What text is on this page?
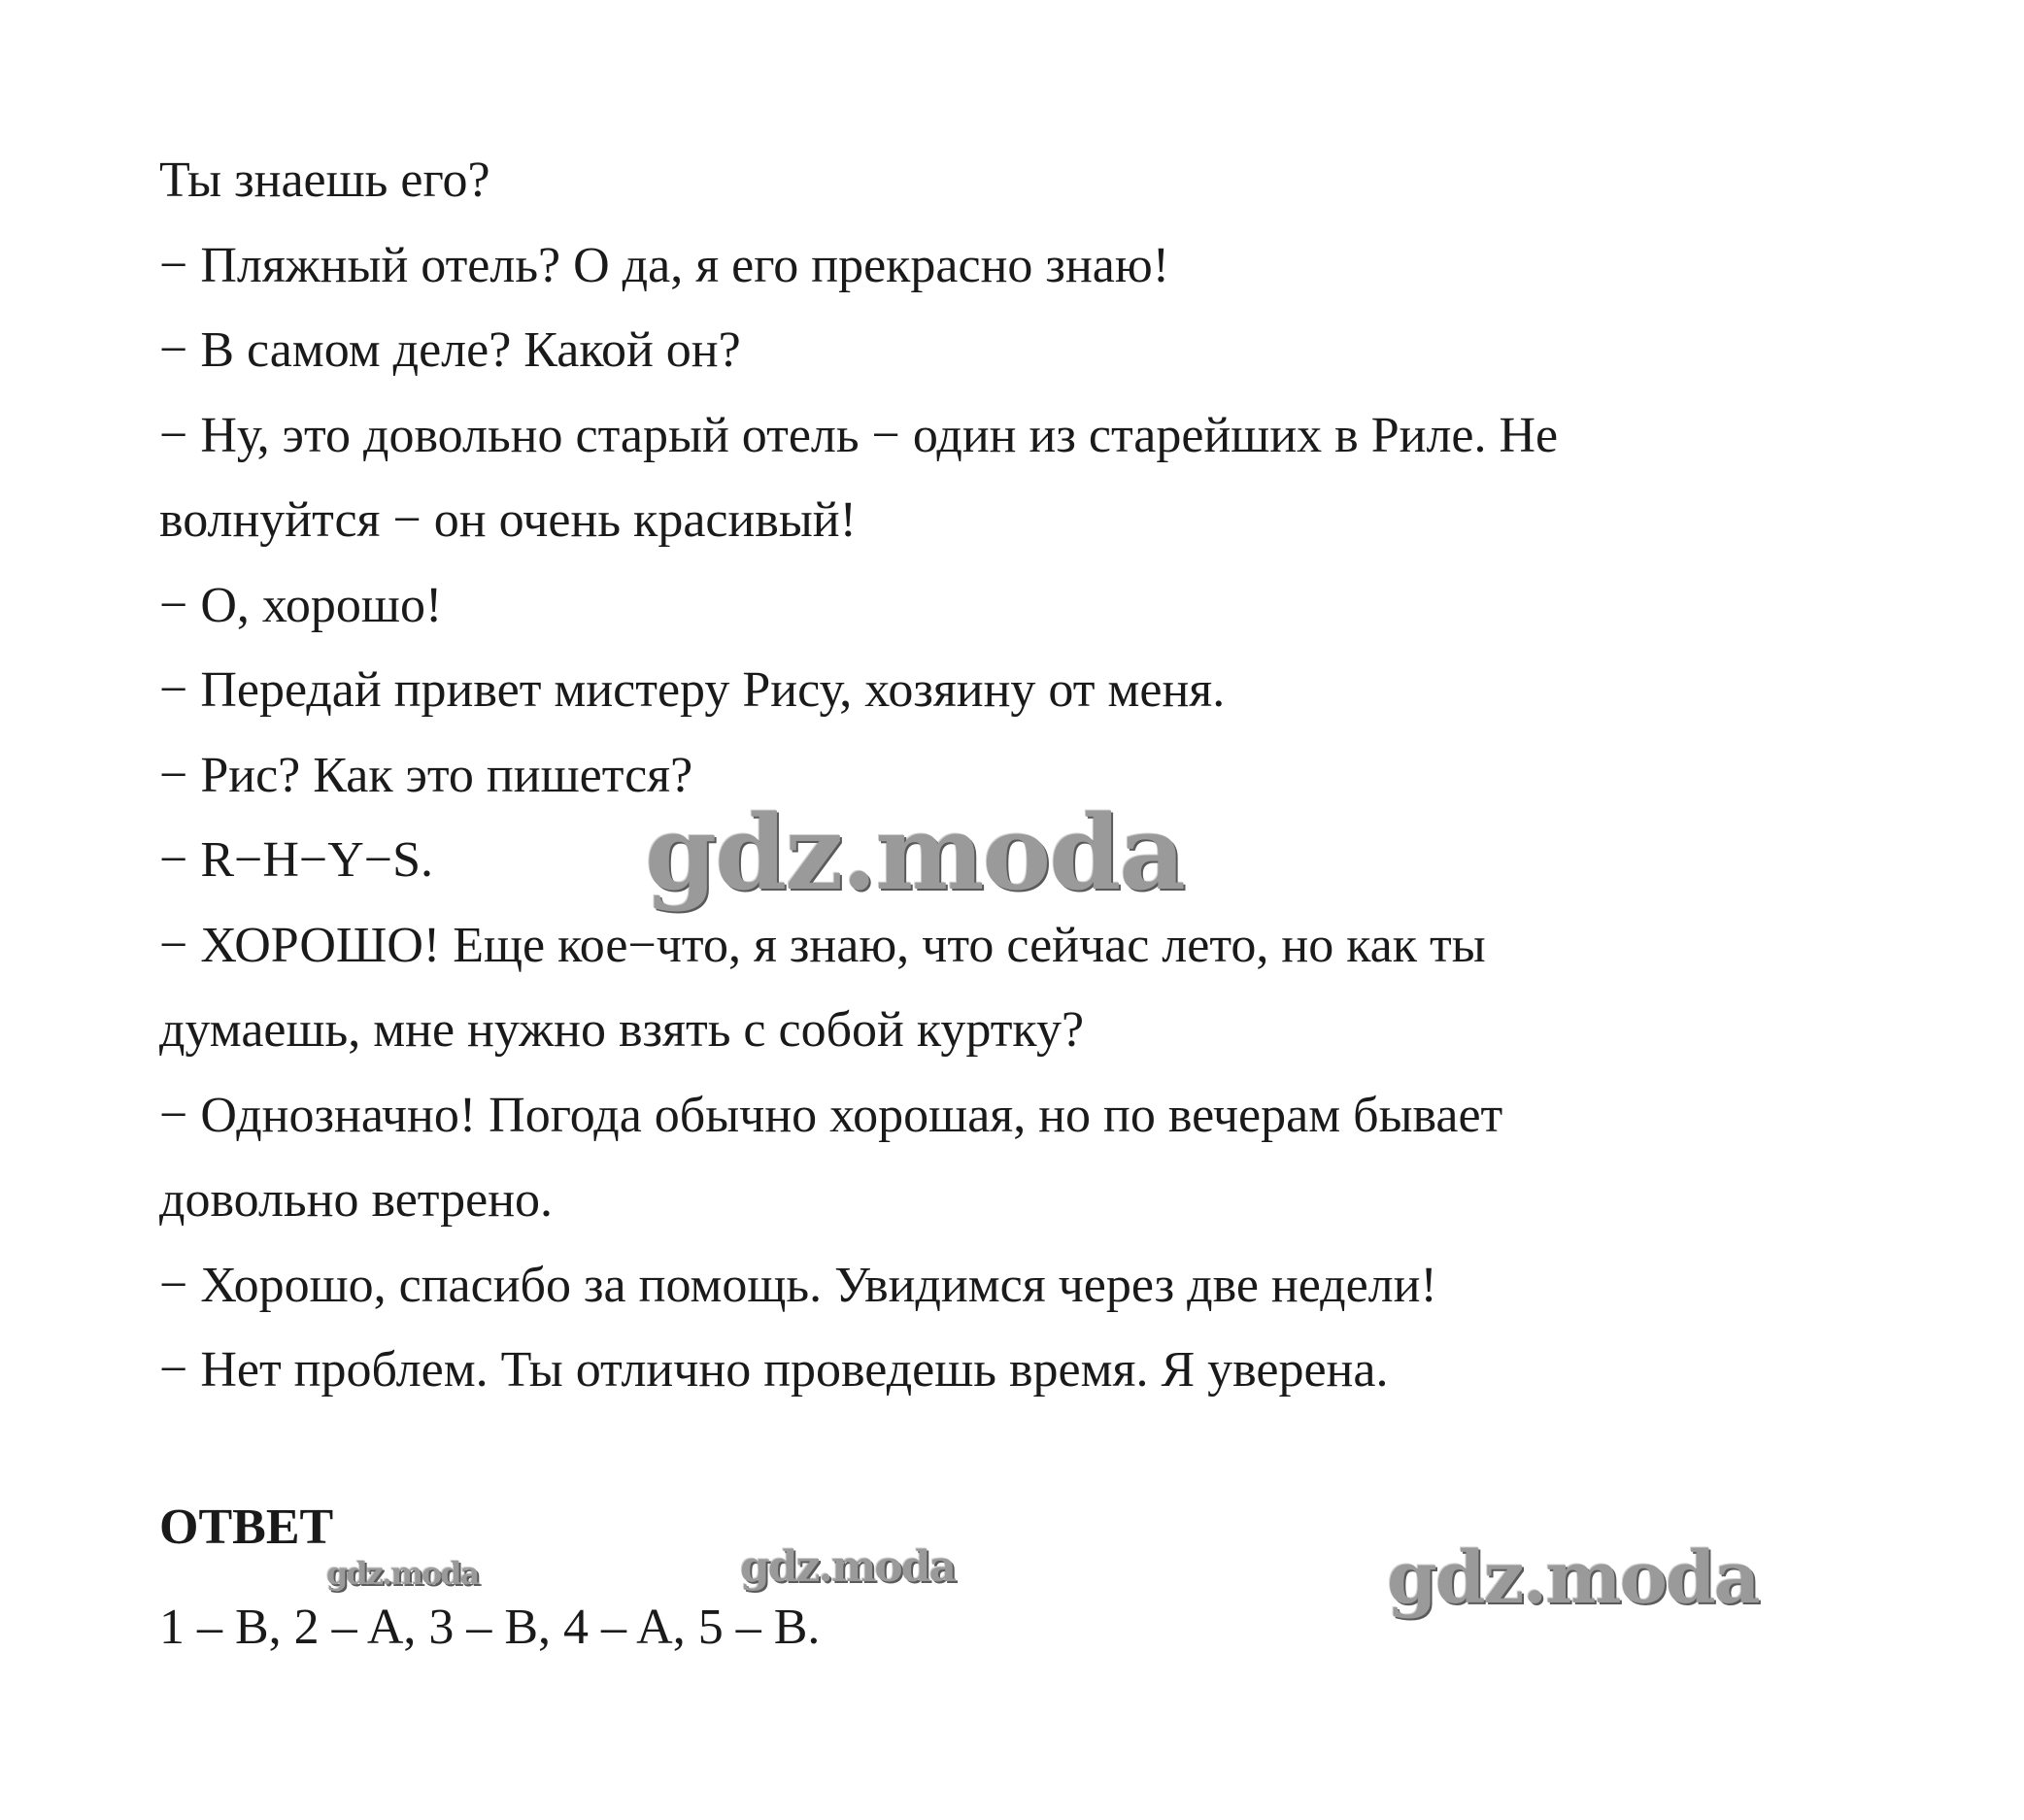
Ты знаешь его?
− Пляжный отель? О да, я его прекрасно знаю!
− В самом деле? Какой он?
− Ну, это довольно старый отель − один из старейших в Риле. Не
волнуйтся − он очень красивый!
− О, хорошо!
− Передай привет мистеру Рису, хозяину от меня.
− Рис? Как это пишется?
− R−H−Y−S.
− ХОРОШО! Еще кое−что, я знаю, что сейчас лето, но как ты
думаешь, мне нужно взять с собой куртку?
− Однозначно! Погода обычно хорошая, но по вечерам бывает
довольно ветрено.
− Хорошо, спасибо за помощь. Увидимся через две недели!
− Нет проблем. Ты отлично проведешь время. Я уверена.
ОТВЕТ
1 – B, 2 – A, 3 – B, 4 – A, 5 – B.
gdz.moda
gdz.moda
gdz.moda
gdz.moda
